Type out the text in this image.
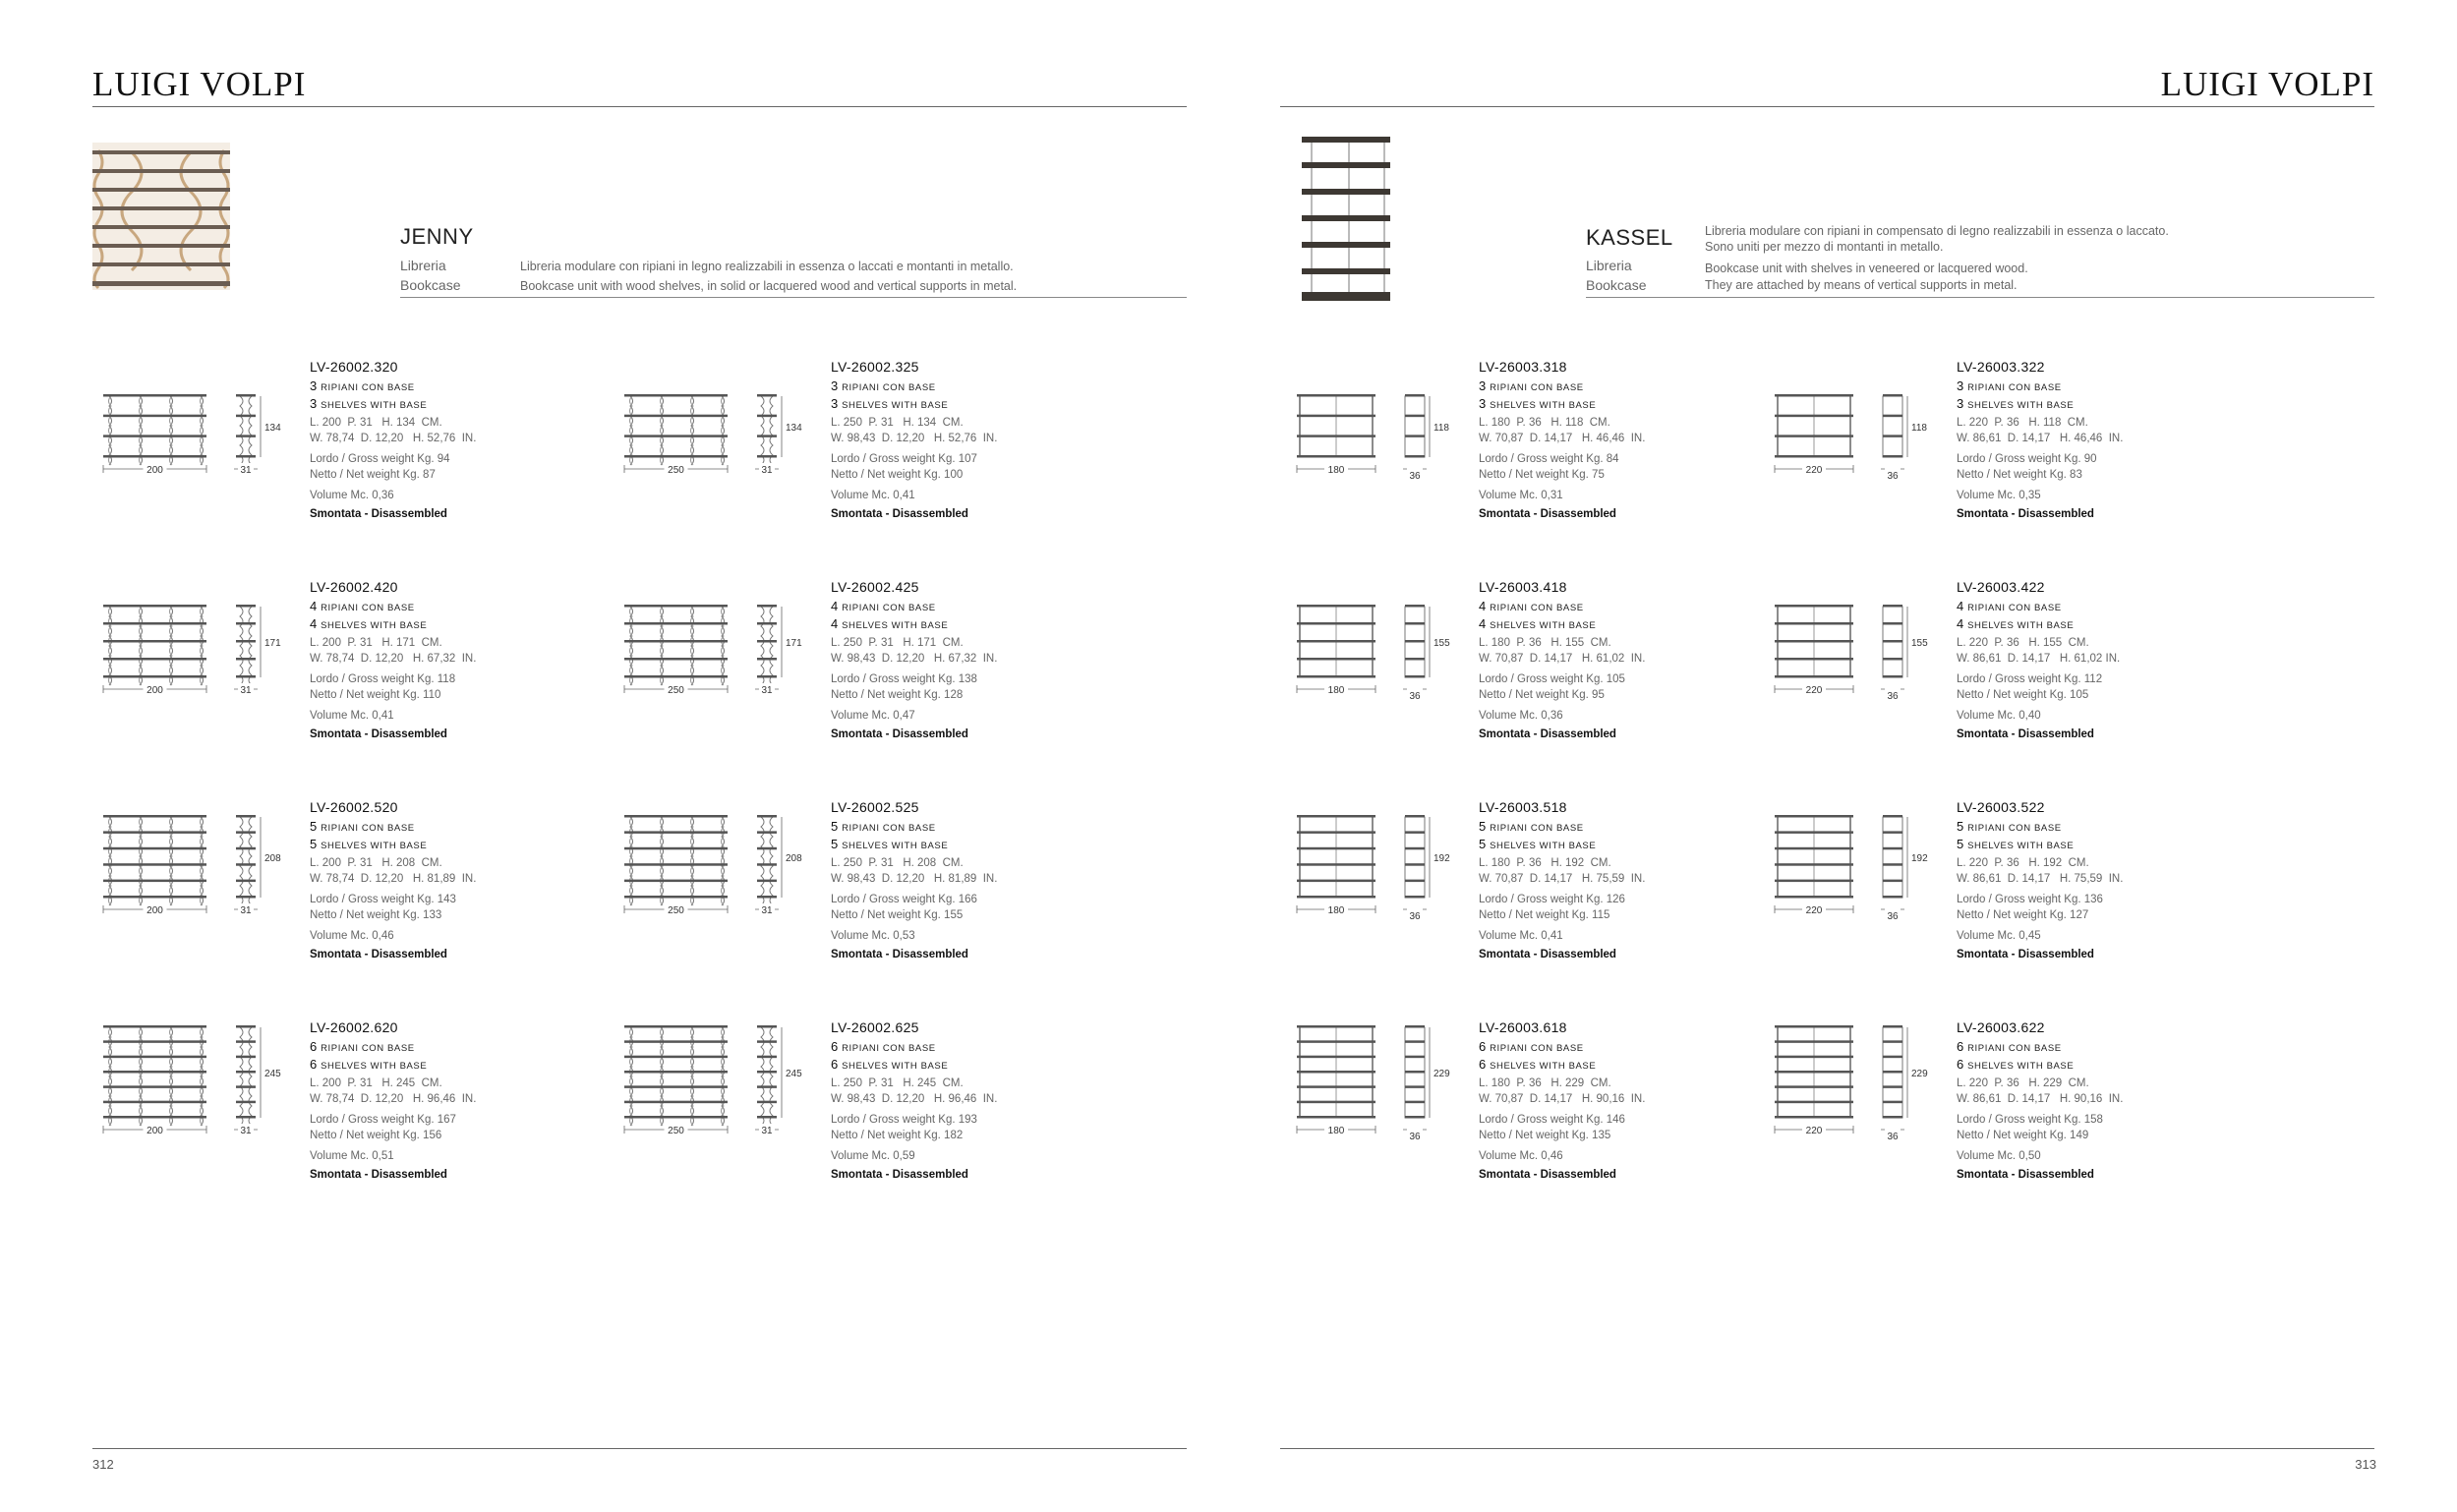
LUIGI VOLPI
JENNY
Libreria
Bookcase
Libreria modulare con ripiani in legno realizzabili in essenza o laccati e montanti in metallo.
Bookcase unit with wood shelves, in solid or lacquered wood and vertical supports in metal.
200	31
134
LV-26002.320
3 RIPIANI CON BASE
3 SHELVES WITH BASE
L. 200  P. 31   H. 134  CM.
W. 78,74  D. 12,20   H. 52,76  IN.
Lordo / Gross weight Kg. 94
Netto / Net weight Kg. 87
Volume Mc. 0,36
Smontata - Disassembled
250	31
134
LV-26002.325
3 RIPIANI CON BASE
3 SHELVES WITH BASE
L. 250  P. 31   H. 134  CM.
W. 98,43  D. 12,20   H. 52,76  IN.
Lordo / Gross weight Kg. 107
Netto / Net weight Kg. 100
Volume Mc. 0,41
Smontata - Disassembled
200	31
171
LV-26002.420
4 RIPIANI CON BASE
4 SHELVES WITH BASE
L. 200  P. 31   H. 171  CM.
W. 78,74  D. 12,20   H. 67,32  IN.
Lordo / Gross weight Kg. 118
Netto / Net weight Kg. 110
Volume Mc. 0,41
Smontata - Disassembled
250	31
171
LV-26002.425
4 RIPIANI CON BASE
4 SHELVES WITH BASE
L. 250  P. 31   H. 171  CM.
W. 98,43  D. 12,20   H. 67,32  IN.
Lordo / Gross weight Kg. 138
Netto / Net weight Kg. 128
Volume Mc. 0,47
Smontata - Disassembled
200	31
208
LV-26002.520
5 RIPIANI CON BASE
5 SHELVES WITH BASE
L. 200  P. 31   H. 208  CM.
W. 78,74  D. 12,20   H. 81,89  IN.
Lordo / Gross weight Kg. 143
Netto / Net weight Kg. 133
Volume Mc. 0,46
Smontata - Disassembled
250	31
208
LV-26002.525
5 RIPIANI CON BASE
5 SHELVES WITH BASE
L. 250  P. 31   H. 208  CM.
W. 98,43  D. 12,20   H. 81,89  IN.
Lordo / Gross weight Kg. 166
Netto / Net weight Kg. 155
Volume Mc. 0,53
Smontata - Disassembled
200	31
245
LV-26002.620
6 RIPIANI CON BASE
6 SHELVES WITH BASE
L. 200  P. 31   H. 245  CM.
W. 78,74  D. 12,20   H. 96,46  IN.
Lordo / Gross weight Kg. 167
Netto / Net weight Kg. 156
Volume Mc. 0,51
Smontata - Disassembled
250	31
245
LV-26002.625
6 RIPIANI CON BASE
6 SHELVES WITH BASE
L. 250  P. 31   H. 245  CM.
W. 98,43  D. 12,20   H. 96,46  IN.
Lordo / Gross weight Kg. 193
Netto / Net weight Kg. 182
Volume Mc. 0,59
Smontata - Disassembled
312
LUIGI VOLPI
KASSEL
Libreria
Bookcase
Libreria modulare con ripiani in compensato di legno realizzabili in essenza o laccato.
Sono uniti per mezzo di montanti in metallo.
Bookcase unit with shelves in veneered or lacquered wood.
They are attached by means of vertical supports in metal.
180
36
118
LV-26003.318
3 RIPIANI CON BASE
3 SHELVES WITH BASE
L. 180  P. 36   H. 118  CM.
W. 70,87  D. 14,17   H. 46,46  IN.
Lordo / Gross weight Kg. 84
Netto / Net weight Kg. 75
Volume Mc. 0,31
Smontata - Disassembled
220
36
118
LV-26003.322
3 RIPIANI CON BASE
3 SHELVES WITH BASE
L. 220  P. 36   H. 118  CM.
W. 86,61  D. 14,17   H. 46,46  IN.
Lordo / Gross weight Kg. 90
Netto / Net weight Kg. 83
Volume Mc. 0,35
Smontata - Disassembled
180
36
155
LV-26003.418
4 RIPIANI CON BASE
4 SHELVES WITH BASE
L. 180  P. 36   H. 155  CM.
W. 70,87  D. 14,17   H. 61,02  IN.
Lordo / Gross weight Kg. 105
Netto / Net weight Kg. 95
Volume Mc. 0,36
Smontata - Disassembled
220
36
155
LV-26003.422
4 RIPIANI CON BASE
4 SHELVES WITH BASE
L. 220  P. 36   H. 155  CM.
W. 86,61  D. 14,17   H. 61,02 IN.
Lordo / Gross weight Kg. 112
Netto / Net weight Kg. 105
Volume Mc. 0,40
Smontata - Disassembled
180
36
192
LV-26003.518
5 RIPIANI CON BASE
5 SHELVES WITH BASE
L. 180  P. 36   H. 192  CM.
W. 70,87  D. 14,17   H. 75,59  IN.
Lordo / Gross weight Kg. 126
Netto / Net weight Kg. 115
Volume Mc. 0,41
Smontata - Disassembled
220
36
192
LV-26003.522
5 RIPIANI CON BASE
5 SHELVES WITH BASE
L. 220  P. 36   H. 192  CM.
W. 86,61  D. 14,17   H. 75,59  IN.
Lordo / Gross weight Kg. 136
Netto / Net weight Kg. 127
Volume Mc. 0,45
Smontata - Disassembled
180
36
229
LV-26003.618
6 RIPIANI CON BASE
6 SHELVES WITH BASE
L. 180  P. 36   H. 229  CM.
W. 70,87  D. 14,17   H. 90,16  IN.
Lordo / Gross weight Kg. 146
Netto / Net weight Kg. 135
Volume Mc. 0,46
Smontata - Disassembled
220
36
229
LV-26003.622
6 RIPIANI CON BASE
6 SHELVES WITH BASE
L. 220  P. 36   H. 229  CM.
W. 86,61  D. 14,17   H. 90,16  IN.
Lordo / Gross weight Kg. 158
Netto / Net weight Kg. 149
Volume Mc. 0,50
Smontata - Disassembled
313
